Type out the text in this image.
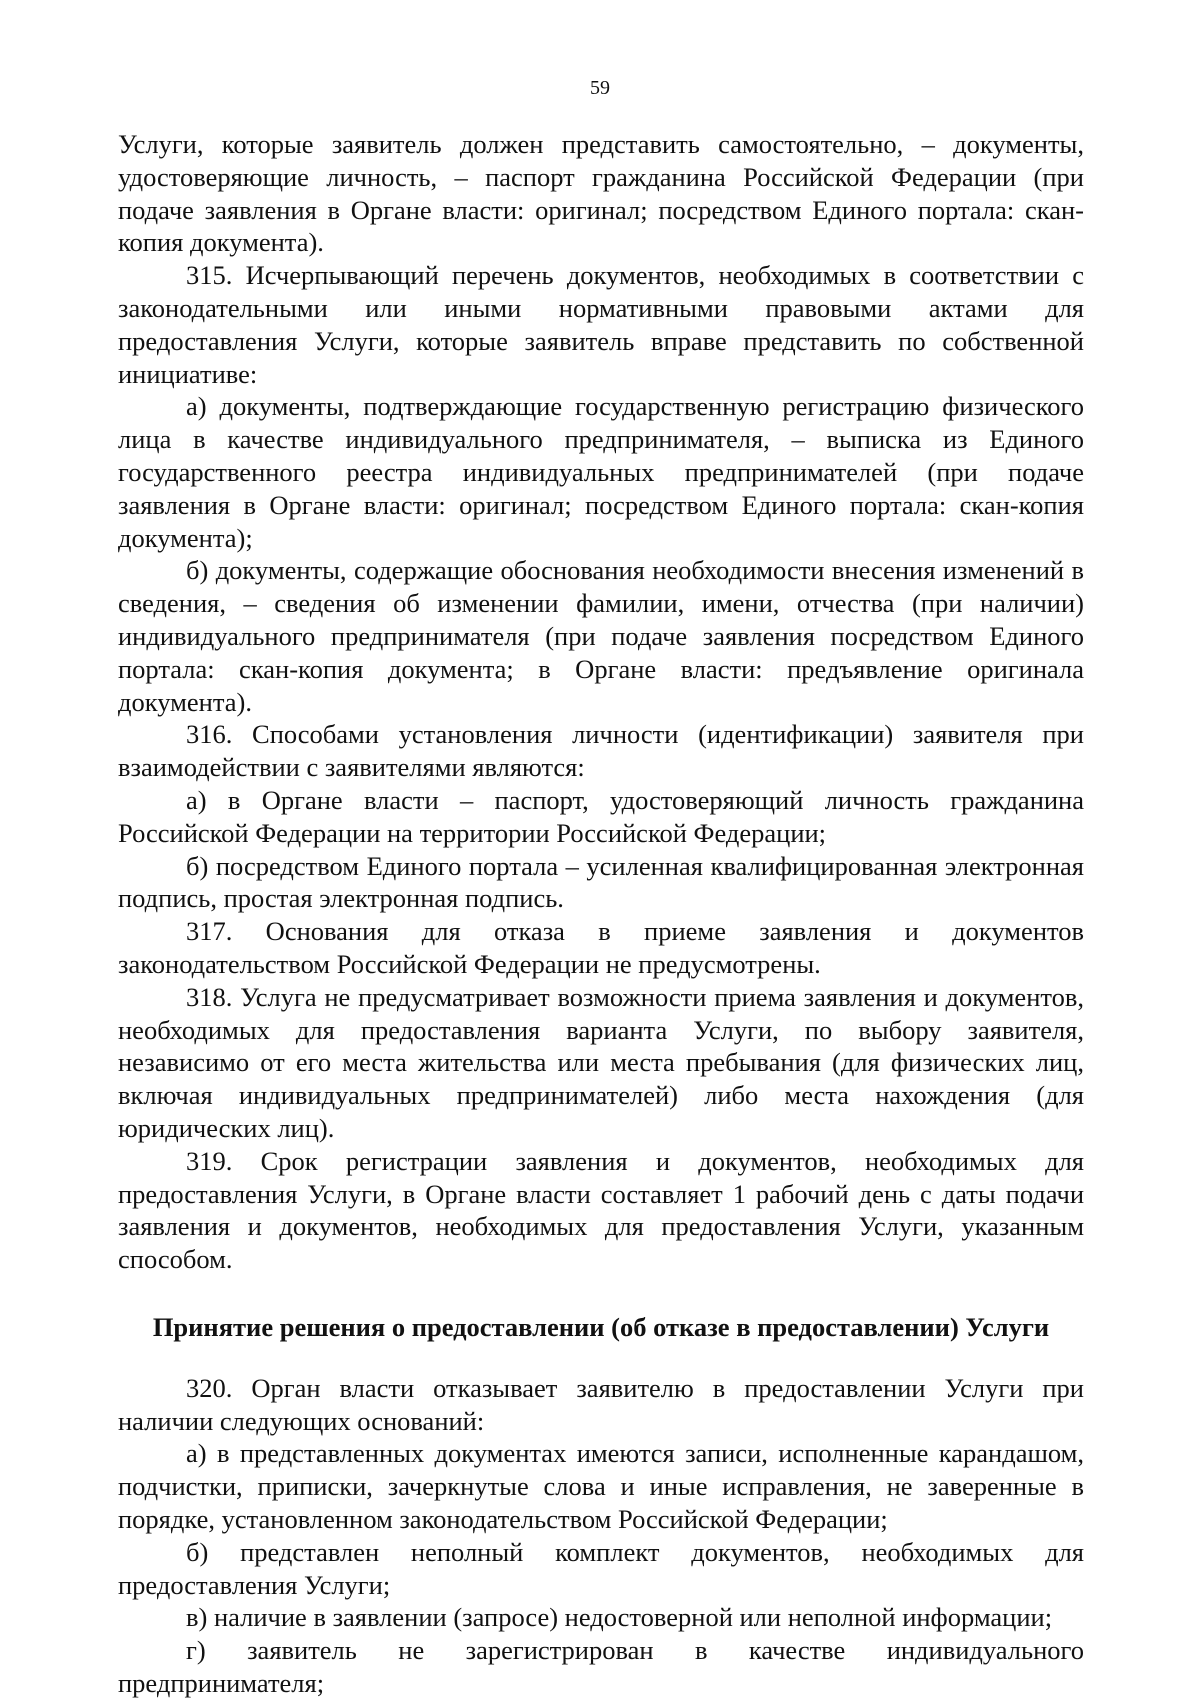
59

Услуги, которые заявитель должен представить самостоятельно, – документы, удостоверяющие личность, – паспорт гражданина Российской Федерации (при подаче заявления в Органе власти: оригинал; посредством Единого портала: скан-копия документа).

315. Исчерпывающий перечень документов, необходимых в соответствии с законодательными или иными нормативными правовыми актами для предоставления Услуги, которые заявитель вправе представить по собственной инициативе:

а) документы, подтверждающие государственную регистрацию физического лица в качестве индивидуального предпринимателя, – выписка из Единого государственного реестра индивидуальных предпринимателей (при подаче заявления в Органе власти: оригинал; посредством Единого портала: скан-копия документа);

б) документы, содержащие обоснования необходимости внесения изменений в сведения, – сведения об изменении фамилии, имени, отчества (при наличии) индивидуального предпринимателя (при подаче заявления посредством Единого портала: скан-копия документа; в Органе власти: предъявление оригинала документа).

316. Способами установления личности (идентификации) заявителя при взаимодействии с заявителями являются:

а) в Органе власти – паспорт, удостоверяющий личность гражданина Российской Федерации на территории Российской Федерации;

б) посредством Единого портала – усиленная квалифицированная электронная подпись, простая электронная подпись.

317. Основания для отказа в приеме заявления и документов законодательством Российской Федерации не предусмотрены.

318. Услуга не предусматривает возможности приема заявления и документов, необходимых для предоставления варианта Услуги, по выбору заявителя, независимо от его места жительства или места пребывания (для физических лиц, включая индивидуальных предпринимателей) либо места нахождения (для юридических лиц).

319. Срок регистрации заявления и документов, необходимых для предоставления Услуги, в Органе власти составляет 1 рабочий день с даты подачи заявления и документов, необходимых для предоставления Услуги, указанным способом.

Принятие решения о предоставлении (об отказе в предоставлении) Услуги

320. Орган власти отказывает заявителю в предоставлении Услуги при наличии следующих оснований:

а) в представленных документах имеются записи, исполненные карандашом, подчистки, приписки, зачеркнутые слова и иные исправления, не заверенные в порядке, установленном законодательством Российской Федерации;

б) представлен неполный комплект документов, необходимых для предоставления Услуги;

в) наличие в заявлении (запросе) недостоверной или неполной информации;

г) заявитель не зарегистрирован в качестве индивидуального предпринимателя;
